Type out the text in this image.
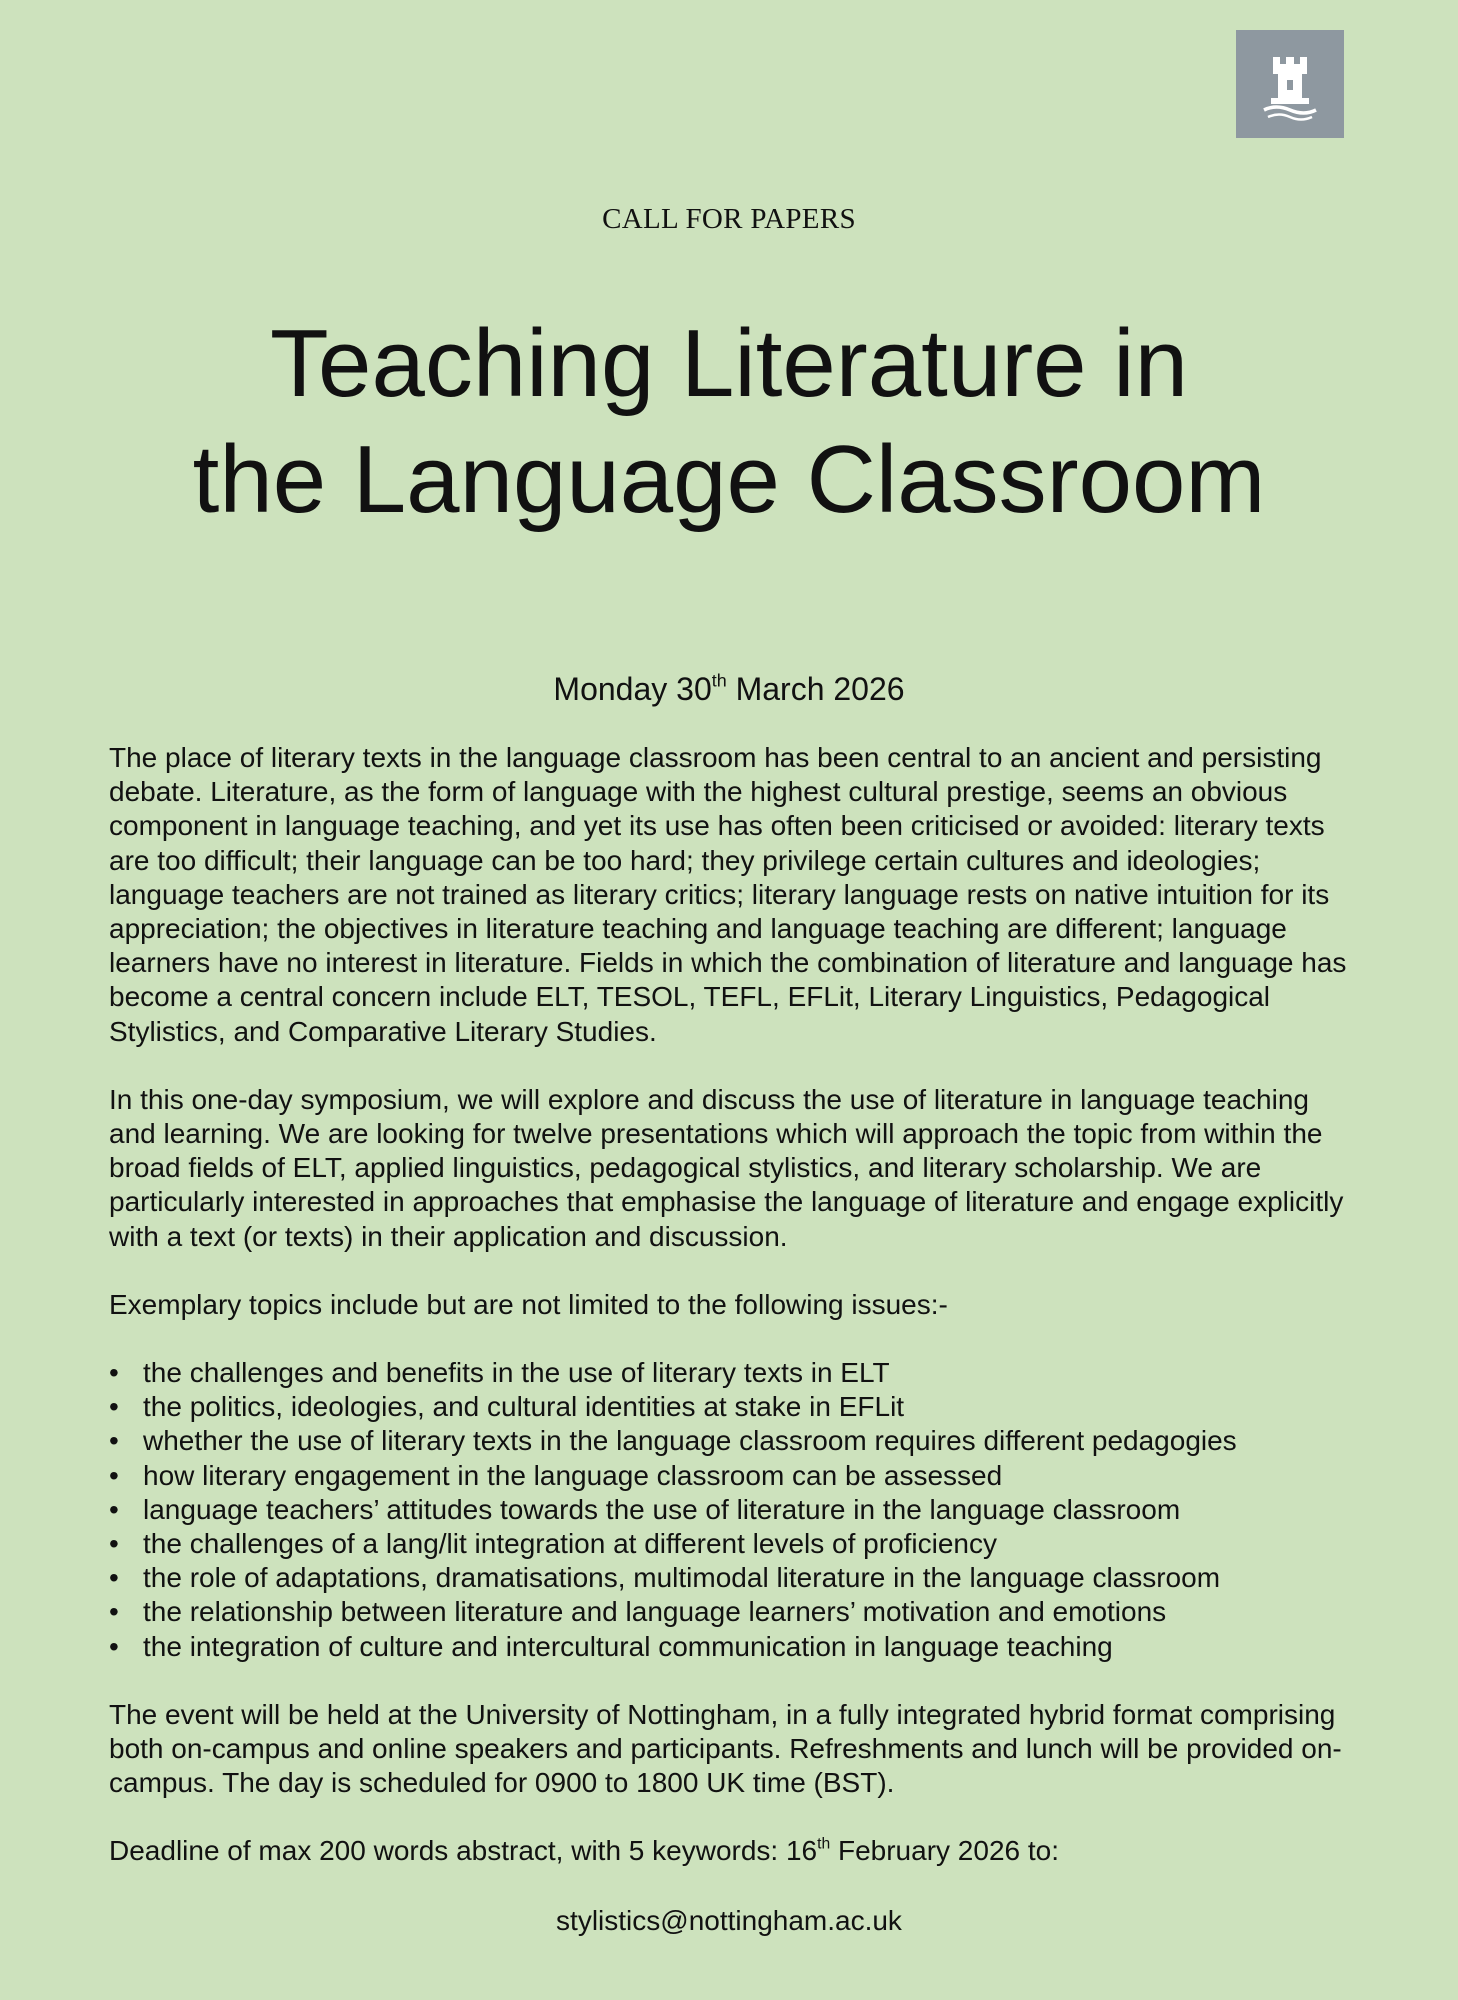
CALL FOR PAPERS
Teaching Literature in
the Language Classroom
Monday 30th March 2026

The place of literary texts in the language classroom has been central to an ancient and persisting debate. Literature, as the form of language with the highest cultural prestige, seems an obvious component in language teaching, and yet its use has often been criticised or avoided: literary texts are too difficult; their language can be too hard; they privilege certain cultures and ideologies; language teachers are not trained as literary critics; literary language rests on native intuition for its appreciation; the objectives in literature teaching and language teaching are different; language learners have no interest in literature. Fields in which the combination of literature and language has become a central concern include ELT, TESOL, TEFL, EFLit, Literary Linguistics, Pedagogical Stylistics, and Comparative Literary Studies.

In this one-day symposium, we will explore and discuss the use of literature in language teaching and learning. We are looking for twelve presentations which will approach the topic from within the broad fields of ELT, applied linguistics, pedagogical stylistics, and literary scholarship. We are particularly interested in approaches that emphasise the language of literature and engage explicitly with a text (or texts) in their application and discussion.

Exemplary topics include but are not limited to the following issues:-

• the challenges and benefits in the use of literary texts in ELT
• the politics, ideologies, and cultural identities at stake in EFLit
• whether the use of literary texts in the language classroom requires different pedagogies
• how literary engagement in the language classroom can be assessed
• language teachers’ attitudes towards the use of literature in the language classroom
• the challenges of a lang/lit integration at different levels of proficiency
• the role of adaptations, dramatisations, multimodal literature in the language classroom
• the relationship between literature and language learners’ motivation and emotions
• the integration of culture and intercultural communication in language teaching

The event will be held at the University of Nottingham, in a fully integrated hybrid format comprising both on-campus and online speakers and participants. Refreshments and lunch will be provided on-campus. The day is scheduled for 0900 to 1800 UK time (BST).

Deadline of max 200 words abstract, with 5 keywords: 16th February 2026 to:

stylistics@nottingham.ac.uk
